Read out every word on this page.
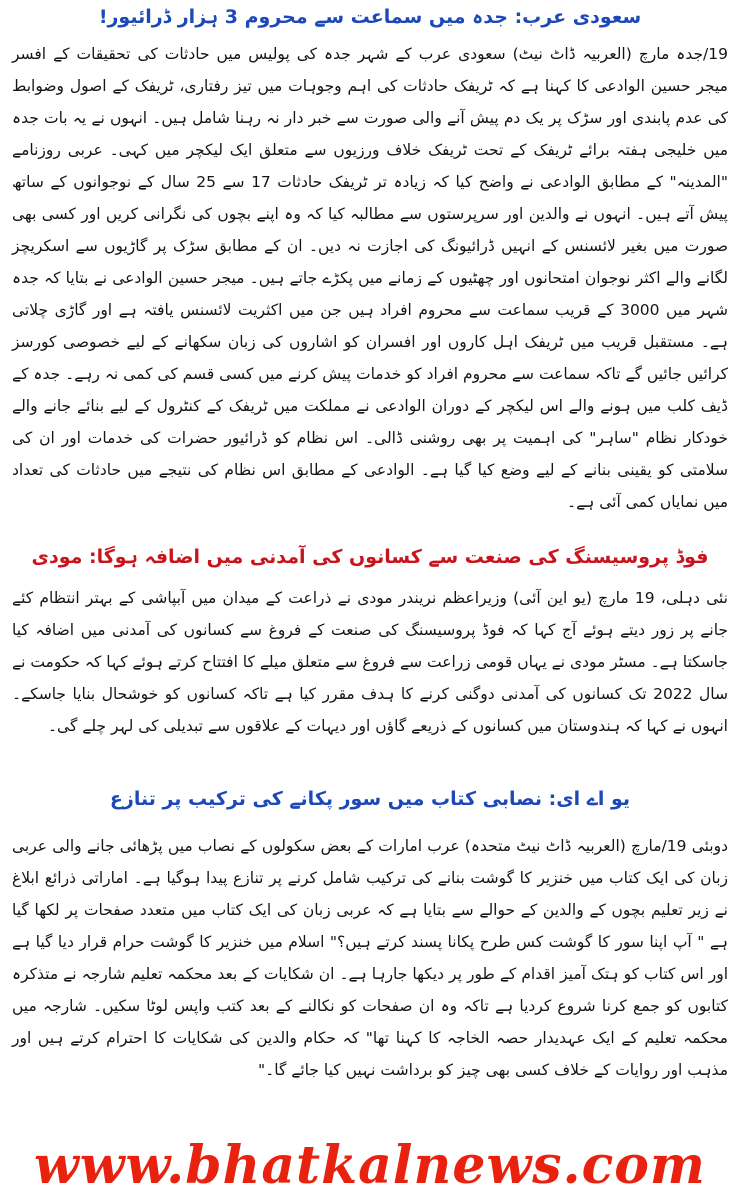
سعودی عرب: جدہ میں سماعت سے محروم 3 ہزار ڈرائیور!

19/جدہ مارچ (العربیہ ڈاٹ نیٹ) سعودی عرب کے شہر جدہ کی پولیس میں حادثات کی تحقیقات کے افسر میجر حسین الوادعی کا کہنا ہے کہ ٹریفک حادثات کی اہم وجوہات میں تیز رفتاری، ٹریفک کے اصول وضوابط کی عدم پابندی اور سڑک پر یک دم پیش آنے والی صورت سے خبر دار نہ رہنا شامل ہیں۔ انہوں نے یہ بات جدہ میں خلیجی ہفتہ برائے ٹریفک کے تحت ٹریفک خلاف ورزیوں سے متعلق ایک لیکچر میں کہی۔ عربی روزنامے "المدینہ" کے مطابق الوادعی نے واضح کیا کہ زیادہ تر ٹریفک حادثات 17 سے 25 سال کے نوجوانوں کے ساتھ پیش آتے ہیں۔ انہوں نے والدین اور سرپرستوں سے مطالبہ کیا کہ وہ اپنے بچوں کی نگرانی کریں اور کسی بھی صورت میں بغیر لائسنس کے انہیں ڈرائیونگ کی اجازت نہ دیں۔ ان کے مطابق سڑک پر گاڑیوں سے اسکریچز لگانے والے اکثر نوجوان امتحانوں اور چھٹیوں کے زمانے میں پکڑے جاتے ہیں۔ میجر حسین الوادعی نے بتایا کہ جدہ شہر میں 3000 کے قریب سماعت سے محروم افراد ہیں جن میں اکثریت لائسنس یافتہ ہے اور گاڑی چلاتی ہے۔ مستقبل قریب میں ٹریفک اہل کاروں اور افسران کو اشاروں کی زبان سکھانے کے لیے خصوصی کورسز کرائیں جائیں گے تاکہ سماعت سے محروم افراد کو خدمات پیش کرنے میں کسی قسم کی کمی نہ رہے۔ جدہ کے ڈیف کلب میں ہونے والے اس لیکچر کے دوران الوادعی نے مملکت میں ٹریفک کے کنٹرول کے لیے بنائے جانے والے خودکار نظام "ساہر" کی اہمیت پر بھی روشنی ڈالی۔ اس نظام کو ڈرائیور حضرات کی خدمات اور ان کی سلامتی کو یقینی بنانے کے لیے وضع کیا گیا ہے۔ الوادعی کے مطابق اس نظام کی نتیجے میں حادثات کی تعداد میں نمایاں کمی آئی ہے۔

فوڈ پروسیسنگ کی صنعت سے کسانوں کی آمدنی میں اضافہ ہوگا: مودی

نئی دہلی، 19 مارچ (یو این آئی) وزیراعظم نریندر مودی نے ذراعت کے میدان میں آبپاشی کے بہتر انتظام کئے جانے پر زور دیتے ہوئے آج کہا کہ فوڈ پروسیسنگ کی صنعت کے فروغ سے کسانوں کی آمدنی میں اضافہ کیا جاسکتا ہے۔ مسٹر مودی نے یہاں قومی زراعت سے فروغ سے متعلق میلے کا افتتاح کرتے ہوئے کہا کہ حکومت نے سال 2022 تک کسانوں کی آمدنی دوگنی کرنے کا ہدف مقرر کیا ہے تاکہ کسانوں کو خوشحال بنایا جاسکے۔ انہوں نے کہا کہ ہندوستان میں کسانوں کے ذریعے گاؤں اور دیہات کے علاقوں سے تبدیلی کی لہر چلے گی۔

یو اے ای: نصابی کتاب میں سور پکانے کی ترکیب پر تنازع

دوبئی 19/مارچ (العربیہ ڈاٹ نیٹ متحدہ) عرب امارات کے بعض سکولوں کے نصاب میں پڑھائی جانے والی عربی زبان کی ایک کتاب میں خنزیر کا گوشت بنانے کی ترکیب شامل کرنے پر تنازع پیدا ہوگیا ہے۔ اماراتی ذرائع ابلاغ نے زیر تعلیم بچوں کے والدین کے حوالے سے بتایا ہے کہ عربی زبان کی ایک کتاب میں متعدد صفحات پر لکھا گیا ہے " آپ اپنا سور کا گوشت کس طرح پکانا پسند کرتے ہیں؟" اسلام میں خنزیر کا گوشت حرام قرار دیا گیا ہے اور اس کتاب کو ہتک آمیز اقدام کے طور پر دیکھا جارہا ہے۔ ان شکایات کے بعد محکمہ تعلیم شارجہ نے متذکرہ کتابوں کو جمع کرنا شروع کردیا ہے تاکہ وہ ان صفحات کو نکالنے کے بعد کتب واپس لوٹا سکیں۔ شارجہ میں محکمہ تعلیم کے ایک عہدیدار حصہ الخاجہ کا کہنا تھا" کہ حکام والدین کی شکایات کا احترام کرتے ہیں اور مذہب اور روایات کے خلاف کسی بھی چیز کو برداشت نہیں کیا جائے گا۔"

www.bhatkalnews.com
